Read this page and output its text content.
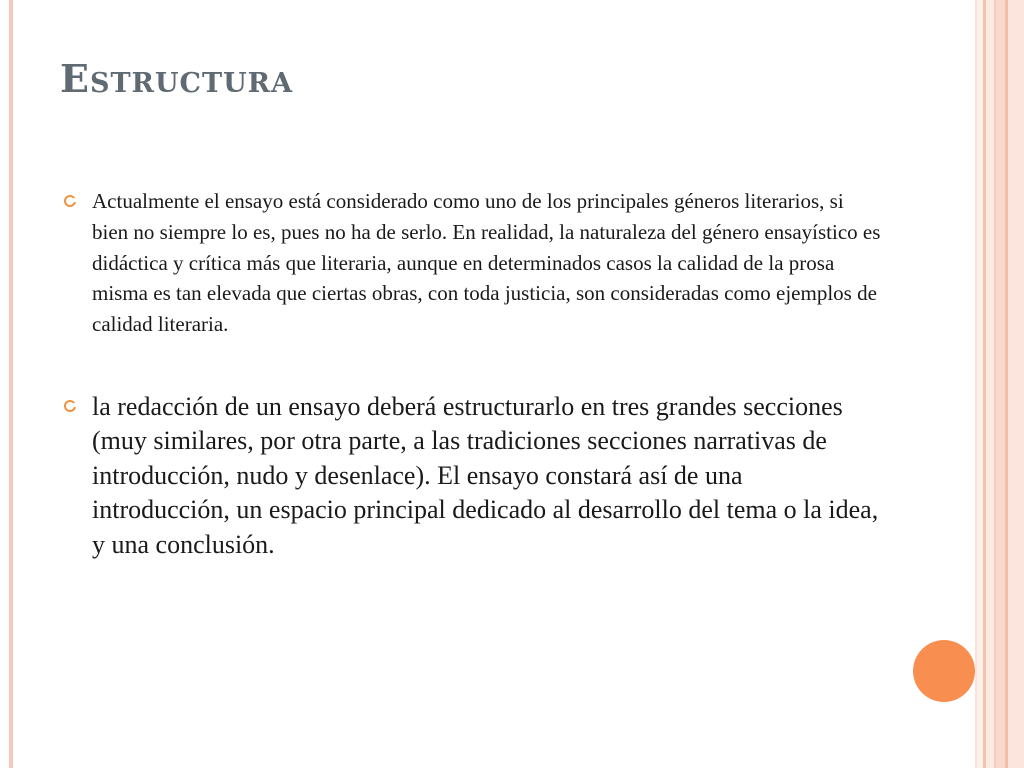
Estructura
Actualmente el ensayo está considerado como uno de los principales géneros literarios, si bien no siempre lo es, pues no ha de serlo. En realidad, la naturaleza del género ensayístico es didáctica y crítica más que literaria, aunque en determinados casos la calidad de la prosa misma es tan elevada que ciertas obras, con toda justicia, son consideradas como ejemplos de calidad literaria.
la redacción de un ensayo deberá estructurarlo en tres grandes secciones (muy similares, por otra parte, a las tradiciones secciones narrativas de introducción, nudo y desenlace). El ensayo constará así de una introducción, un espacio principal dedicado al desarrollo del tema o la idea, y una conclusión.
